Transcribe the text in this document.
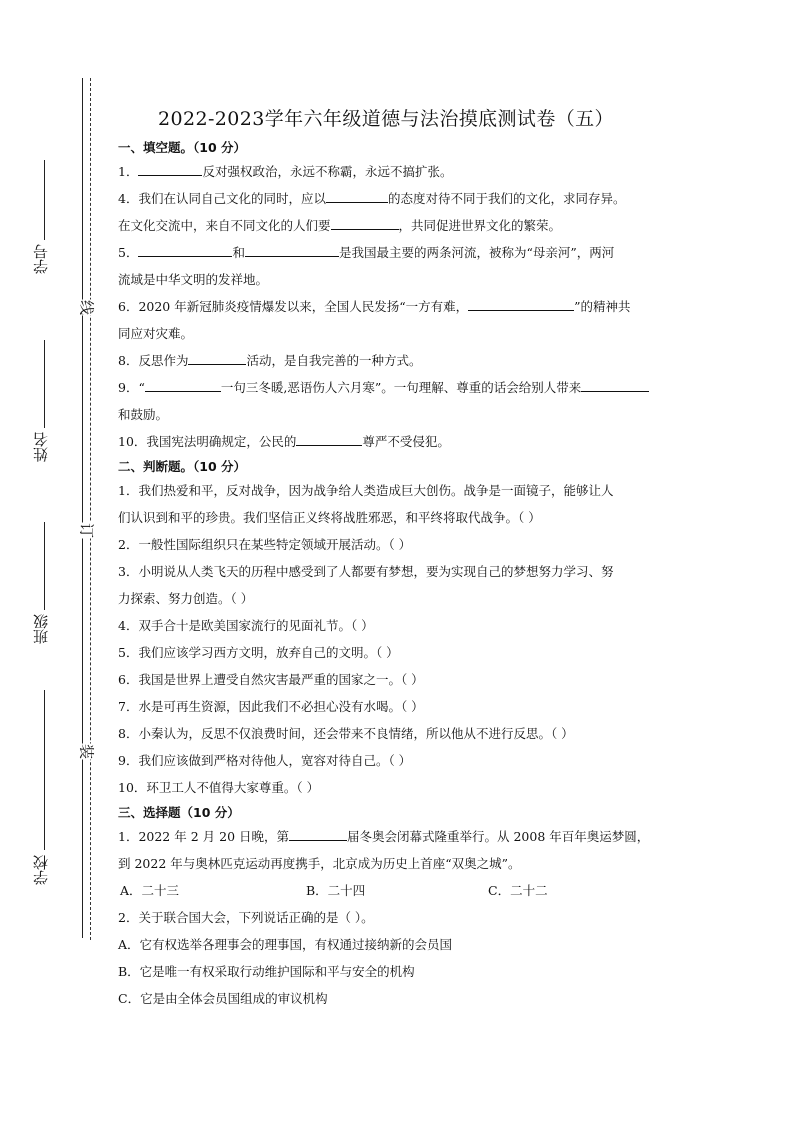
学号
姓名
班级
学校
线
订
装
2022-2023学年六年级道德与法治摸底测试卷（五）
一、填空题。（10 分）
1．	反对强权政治，永远不称霸，永远不搞扩张。
4．我们在认同自己文化的同时，应以	的态度对待不同于我们的文化，求同存异。
在文化交流中，来自不同文化的人们要	，共同促进世界文化的繁荣。
5．	和	是我国最主要的两条河流，被称为“母亲河”，两河
流域是中华文明的发祥地。
6．2020 年新冠肺炎疫情爆发以来，全国人民发扬“一方有难，	”的精神共
同应对灾难。
8．反思作为	活动，是自我完善的一种方式。
9．“	一句三冬暖,恶语伤人六月寒”。一句理解、尊重的话会给别人带来
和鼓励。
10．我国宪法明确规定，公民的	尊严不受侵犯。
二、判断题。（10 分）
1．我们热爱和平，反对战争，因为战争给人类造成巨大创伤。战争是一面镜子，能够让人
们认识到和平的珍贵。我们坚信正义终将战胜邪恶，和平终将取代战争。（ ）
2．一般性国际组织只在某些特定领域开展活动。（ ）
3．小明说从人类飞天的历程中感受到了人都要有梦想，要为实现自己的梦想努力学习、努
力探索、努力创造。（ ）
4．双手合十是欧美国家流行的见面礼节。（ ）
5．我们应该学习西方文明，放弃自己的文明。（ ）
6．我国是世界上遭受自然灾害最严重的国家之一。（ ）
7．水是可再生资源，因此我们不必担心没有水喝。（ ）
8．小秦认为，反思不仅浪费时间，还会带来不良情绪，所以他从不进行反思。（ ）
9．我们应该做到严格对待他人，宽容对待自己。（ ）
10．环卫工人不值得大家尊重。（ ）
三、选择题（10 分）
1．2022 年 2 月 20 日晚，第	届冬奥会闭幕式隆重举行。从 2008 年百年奥运梦圆，
到 2022 年与奥林匹克运动再度携手，北京成为历史上首座“双奥之城”。
A．二十三	B．二十四	C．二十二
2．关于联合国大会，下列说话正确的是（ ）。
A．它有权选举各理事会的理事国，有权通过接纳新的会员国
B．它是唯一有权采取行动维护国际和平与安全的机构
C．它是由全体会员国组成的审议机构
